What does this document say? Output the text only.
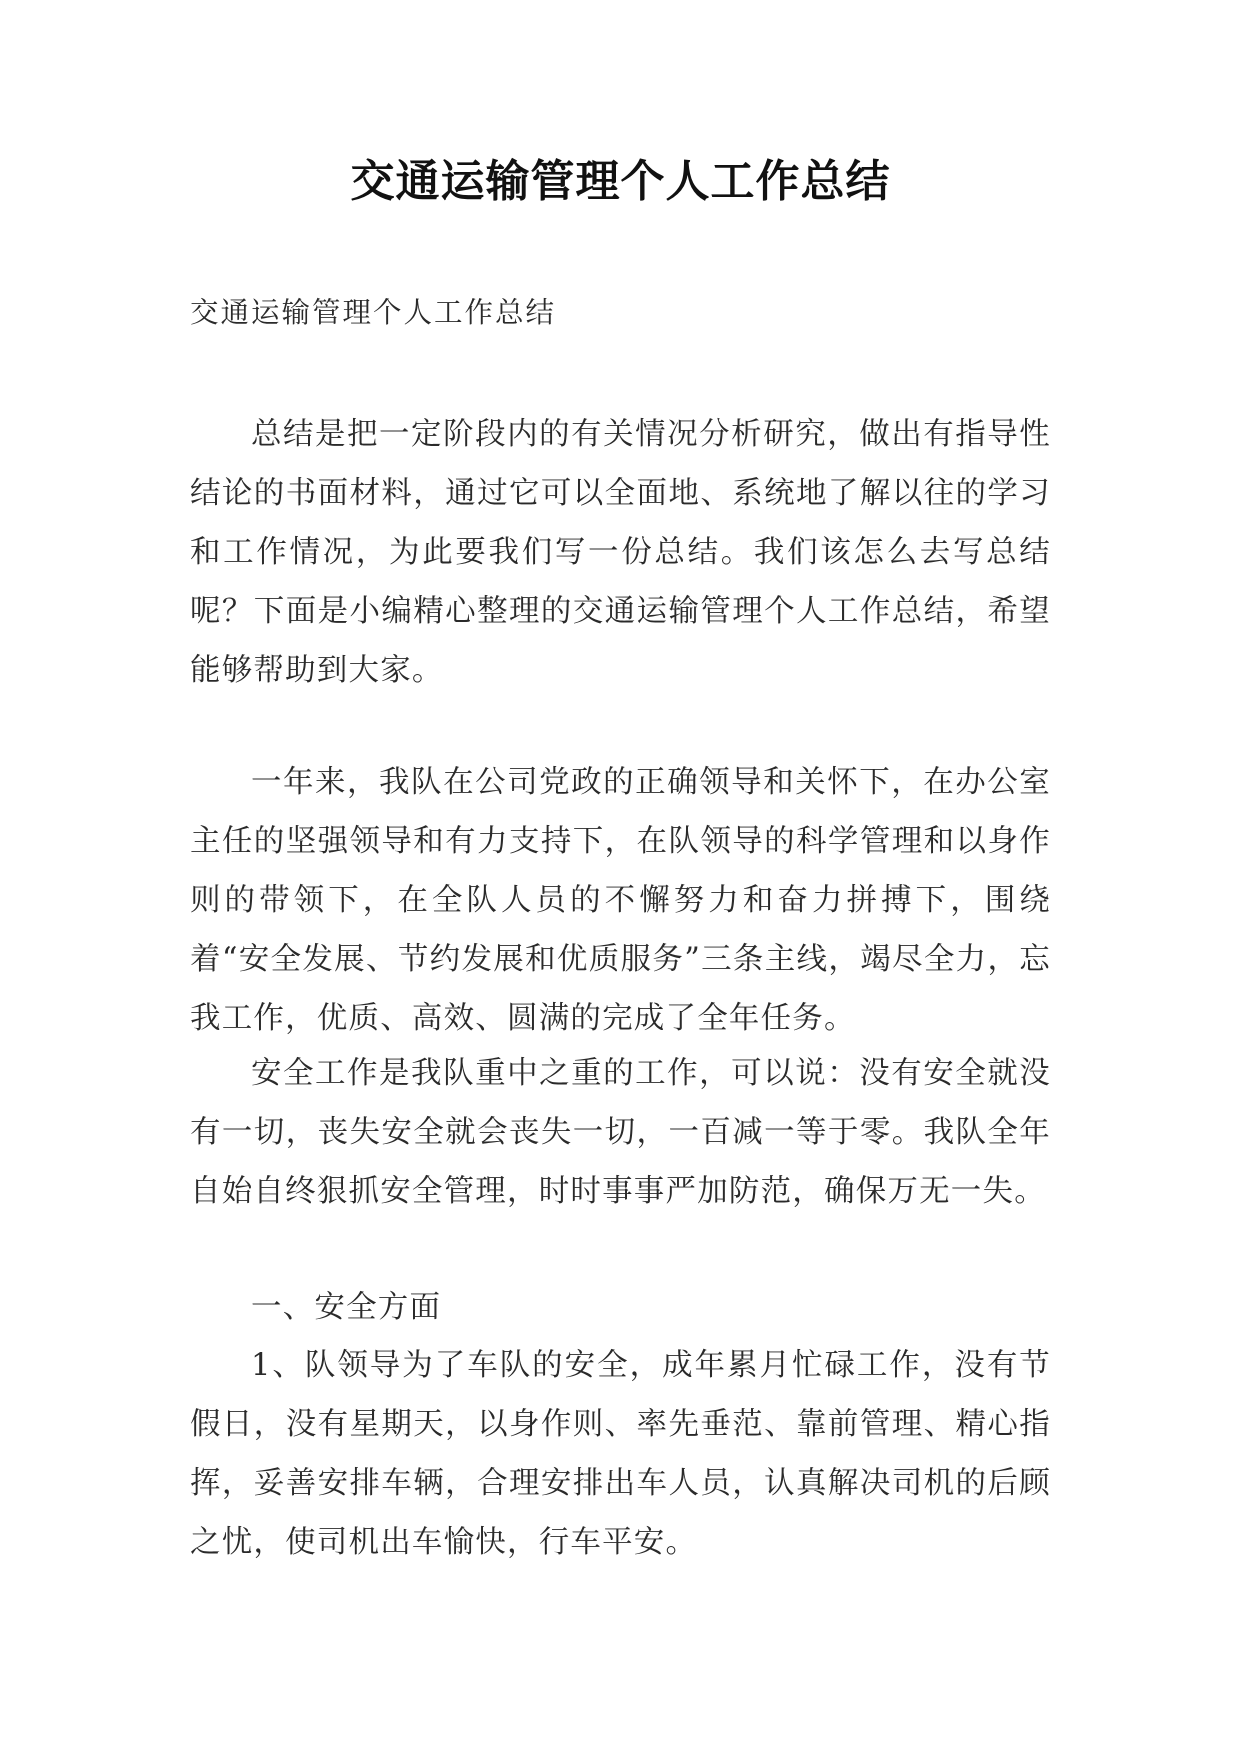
交通运输管理个人工作总结
交通运输管理个人工作总结

总结是把一定阶段内的有关情况分析研究，做出有指导性结论的书面材料，通过它可以全面地、系统地了解以往的学习和工作情况，为此要我们写一份总结。我们该怎么去写总结呢？下面是小编精心整理的交通运输管理个人工作总结，希望能够帮助到大家。

一年来，我队在公司党政的正确领导和关怀下，在办公室主任的坚强领导和有力支持下，在队领导的科学管理和以身作则的带领下，在全队人员的不懈努力和奋力拼搏下，围绕着“安全发展、节约发展和优质服务”三条主线，竭尽全力，忘我工作，优质、高效、圆满的完成了全年任务。

安全工作是我队重中之重的工作，可以说：没有安全就没有一切，丧失安全就会丧失一切，一百减一等于零。我队全年自始自终狠抓安全管理，时时事事严加防范，确保万无一失。

一、安全方面

1、队领导为了车队的安全，成年累月忙碌工作，没有节假日，没有星期天，以身作则、率先垂范、靠前管理、精心指挥，妥善安排车辆，合理安排出车人员，认真解决司机的后顾之忧，使司机出车愉快，行车平安。
